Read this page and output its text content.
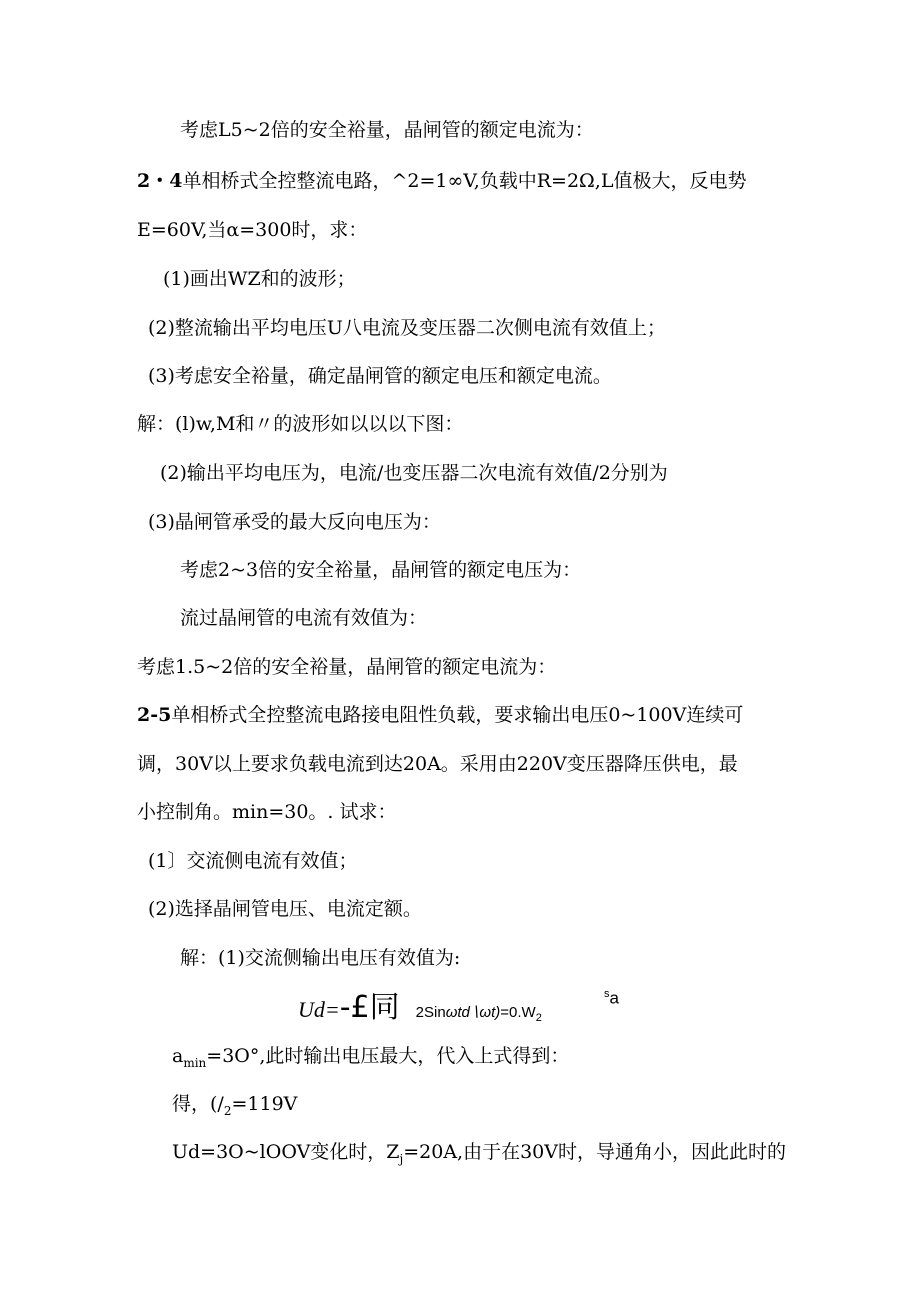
考虑L5~2倍的安全裕量，晶闸管的额定电流为：
2・4单相桥式全控整流电路，^2=1∞V,负载中R=2Ω,L值极大，反电势
E=60V,当α=300时，求：
(1)画出WZ和的波形；
(2)整流输出平均电压U八电流及变压器二次侧电流有效值上；
(3)考虑安全裕量，确定晶闸管的额定电压和额定电流。
解：(l)w,M和〃的波形如以以以下图：
(2)输出平均电压为，电流/也变压器二次电流有效值/2分别为
(3)晶闸管承受的最大反向电压为：
考虑2~3倍的安全裕量，晶闸管的额定电压为：
流过晶闸管的电流有效值为：
考虑1.5~2倍的安全裕量，晶闸管的额定电流为：
2-5单相桥式全控整流电路接电阻性负载，要求输出电压0~100V连续可
调，30V以上要求负载电流到达20A。采用由220V变压器降压供电，最
小控制角。min=30。. 试求：
(1〕交流侧电流有效值；
(2)选择晶闸管电压、电流定额。
解：(1)交流侧输出电压有效值为:
Ud=-£同 $2Sin\omega td∖\omega t)=0.W_2$
$^s$a
$a_{min}=3O^\circ$,此时输出电压最大，代入上式得到：
得，($/_2=119V$
Ud=3O~lOOV变化时，$Z_j=20A$,由于在30V时，导通角小，因此此时的
